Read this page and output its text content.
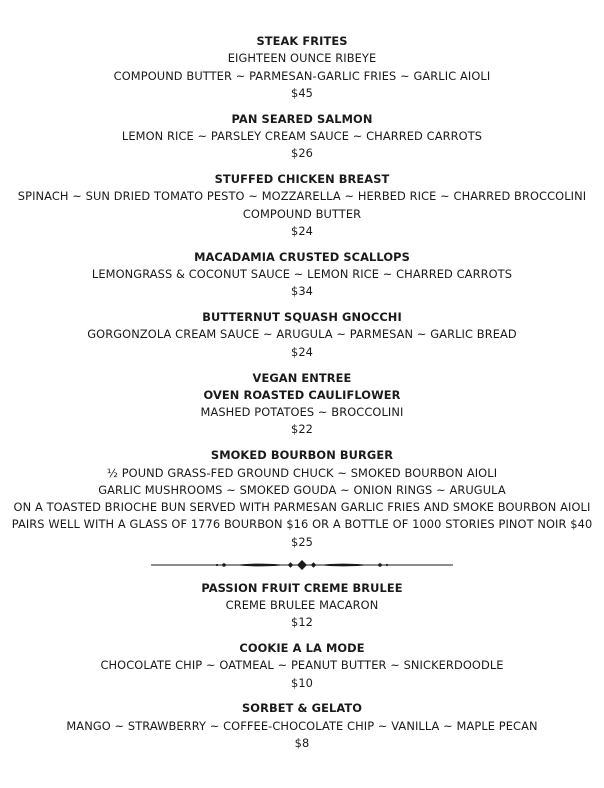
STEAK FRITES
EIGHTEEN OUNCE RIBEYE
COMPOUND BUTTER ~ PARMESAN-GARLIC FRIES ~ GARLIC AIOLI
$45
PAN SEARED SALMON
LEMON RICE ~ PARSLEY CREAM SAUCE ~ CHARRED CARROTS
$26
STUFFED CHICKEN BREAST
SPINACH ~ SUN DRIED TOMATO PESTO ~ MOZZARELLA ~ HERBED RICE ~ CHARRED BROCCOLINI
COMPOUND BUTTER
$24
MACADAMIA CRUSTED SCALLOPS
LEMONGRASS & COCONUT SAUCE ~ LEMON RICE ~ CHARRED CARROTS
$34
BUTTERNUT SQUASH GNOCCHI
GORGONZOLA CREAM SAUCE ~ ARUGULA ~ PARMESAN ~ GARLIC BREAD
$24
VEGAN ENTREE
OVEN ROASTED CAULIFLOWER
MASHED POTATOES ~ BROCCOLINI
$22
SMOKED BOURBON BURGER
½ POUND GRASS-FED GROUND CHUCK ~ SMOKED BOURBON AIOLI
GARLIC MUSHROOMS ~ SMOKED GOUDA ~ ONION RINGS ~ ARUGULA
ON A TOASTED BRIOCHE BUN SERVED WITH PARMESAN GARLIC FRIES AND SMOKE BOURBON AIOLI
PAIRS WELL WITH A GLASS OF 1776 BOURBON $16 OR A BOTTLE OF 1000 STORIES PINOT NOIR $40
$25
PASSION FRUIT CREME BRULEE
CREME BRULEE MACARON
$12
COOKIE A LA MODE
CHOCOLATE CHIP ~ OATMEAL ~ PEANUT BUTTER ~ SNICKERDOODLE
$10
SORBET & GELATO
MANGO ~ STRAWBERRY ~ COFFEE-CHOCOLATE CHIP ~ VANILLA ~ MAPLE PECAN
$8
